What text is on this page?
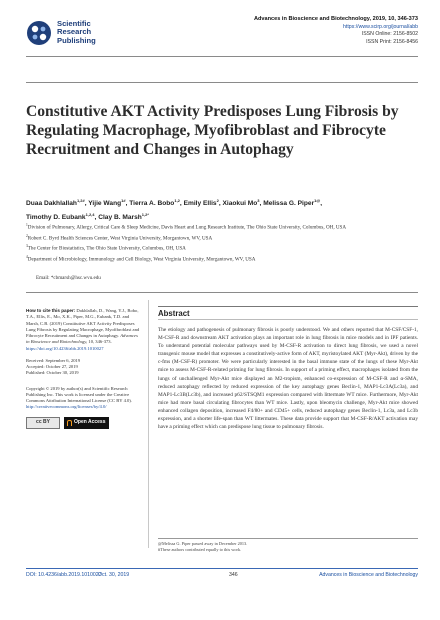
Scientific
Research
Publishing
Advances in Bioscience and Biotechnology, 2019, 10, 346-373
https://www.scirp.org/journal/abb
ISSN Online: 2156-8502
ISSN Print: 2156-8456
Constitutive AKT Activity Predisposes Lung Fibrosis by Regulating Macrophage, Myofibroblast and Fibrocyte Recruitment and Changes in Autophagy
Duaa Dakhlallah$^{1,2\#}$, Yijie Wang$^{1\#}$, Tierra A. Bobo$^{1,2}$, Emily Ellis$^2$, Xiaokui Mo$^3$, Melissa G. Piper$^{1@}$,
Timothy D. Eubank$^{1,2,4}$, Clay B. Marsh$^{1,2*}$

$^1$Division of Pulmonary, Allergy, Critical Care & Sleep Medicine, Davis Heart and Lung Research Institute, The Ohio State University, Columbus, OH, USA

$^2$Robert C. Byrd Health Sciences Center, West Virginia University, Morgantown, WV, USA

$^3$The Center for Biostatistics, The Ohio State University, Columbus, OH, USA

$^4$Department of Microbiology, Immunology and Cell Biology, West Virginia University, Morgantown, WV, USA

Email: *cbmarsh@hsc.wvu.edu

How to cite this paper: Dakhlallah, D., Wang, Y.J., Bobo, T.A., Ellis, E., Mo, X.K., Piper, M.G., Eubank, T.D. and Marsh, C.B. (2019) Constitutive AKT Activity Predisposes Lung Fibrosis by Regulating Macrophage, Myofibroblast and Fibrocyte Recruitment and Changes in Autophagy. Advances in Bioscience and Biotechnology, 10, 346-373. https://doi.org/10.4236/abb.2019.1010027

Received: September 6, 2019

Accepted: October 27, 2019

Published: October 30, 2019

Copyright © 2019 by author(s) and Scientific Research Publishing Inc. This work is licensed under the Creative Commons Attribution International License (CC BY 4.0). http://creativecommons.org/licenses/by/4.0/

cc BY	Open Access
Abstract

The etiology and pathogenesis of pulmonary fibrosis is poorly understood. We and others reported that M-CSF/CSF-1, M-CSF-R and downstream AKT activation plays an important role in lung fibrosis in mice models and in IPF patients. To understand potential molecular pathways used by M-CSF-R activation to direct lung fibrosis, we used a novel transgenic mouse model that expresses a constitutively-active form of AKT, myristoylated AKT (Myr-Akt), driven by the c-fms (M-CSF-R) promoter. We were particularly interested in the basal immune state of the lungs of these Myr-Akt mice to assess M-CSF-R-related priming for lung fibrosis. In support of a priming effect, macrophages isolated from the lungs of unchallenged Myr-Akt mice displayed an M2-tropism, enhanced co-expression of M-CSF-R and α-SMA, reduced autophagy reflected by reduced expression of the key autophagy genes Beclin-1, MAP1-Lc3A(Lc3a), and MAP1-Lc3B(Lc3b), and increased p62/STSQM1 expression compared with littermate WT mice. Furthermore, Myr-Akt mice had more basal circulating fibrocytes than WT mice. Lastly, upon bleomycin challenge, Myr-Akt mice showed enhanced collagen deposition, increased F4/80+ and CD45+ cells, reduced autophagy genes Beclin-1, Lc3a, and Lc3b expression, and a shorter life-span than WT littermates. These data provide support that M-CSF-R/AKT activation may have a priming effect which can predispose lung tissue to pulmonary fibrosis.

@Melissa G. Piper passed away in December 2013.
#These authors contributed equally to this work.
DOI: 10.4236/abb.2019.1010027
Oct. 30, 2019	346	Advances in Bioscience and Biotechnology
